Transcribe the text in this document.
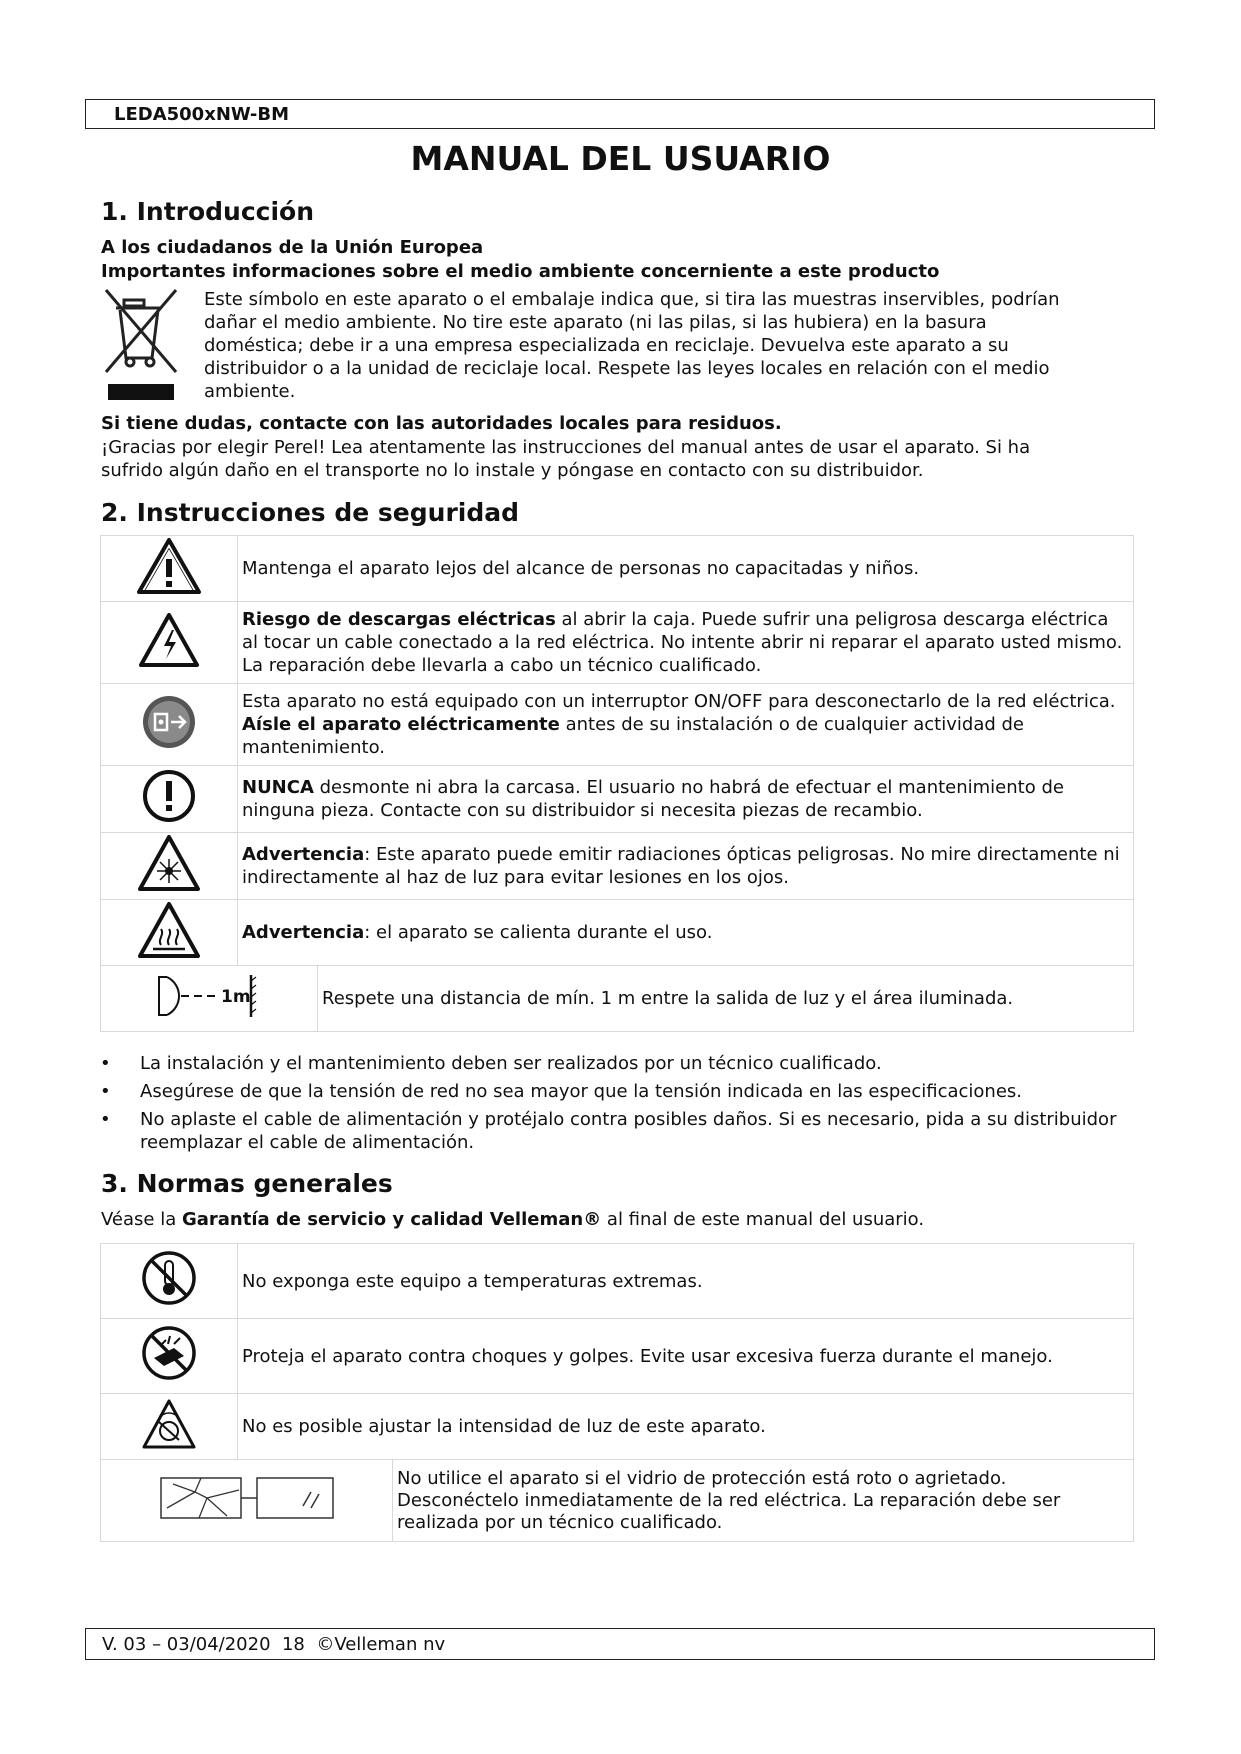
LEDA500xNW-BM
MANUAL DEL USUARIO
1. Introducción
A los ciudadanos de la Unión Europea
Importantes informaciones sobre el medio ambiente concerniente a este producto
Este símbolo en este aparato o el embalaje indica que, si tira las muestras inservibles, podrían
dañar el medio ambiente. No tire este aparato (ni las pilas, si las hubiera) en la basura
doméstica; debe ir a una empresa especializada en reciclaje. Devuelva este aparato a su
distribuidor o a la unidad de reciclaje local. Respete las leyes locales en relación con el medio
ambiente.
Si tiene dudas, contacte con las autoridades locales para residuos.
¡Gracias por elegir Perel! Lea atentamente las instrucciones del manual antes de usar el aparato. Si ha
sufrido algún daño en el transporte no lo instale y póngase en contacto con su distribuidor.
2. Instrucciones de seguridad
	Mantenga el aparato lejos del alcance de personas no capacitadas y niños.	
	Riesgo de descargas eléctricas al abrir la caja. Puede sufrir una peligrosa descarga eléctrica al tocar un cable conectado a la red eléctrica. No intente abrir ni reparar el aparato usted mismo. La reparación debe llevarla a cabo un técnico cualificado.	
	Esta aparato no está equipado con un interruptor ON/OFF para desconectarlo de la red eléctrica. Aísle el aparato eléctricamente antes de su instalación o de cualquier actividad de mantenimiento.	
	NUNCA desmonte ni abra la carcasa. El usuario no habrá de efectuar el mantenimiento de ninguna pieza. Contacte con su distribuidor si necesita piezas de recambio.	
	Advertencia: Este aparato puede emitir radiaciones ópticas peligrosas. No mire directamente ni indirectamente al haz de luz para evitar lesiones en los ojos.	
	Advertencia: el aparato se calienta durante el uso.	

1m		Respete una distancia de mín. 1 m entre la salida de luz y el área iluminada.
• La instalación y el mantenimiento deben ser realizados por un técnico cualificado.
• Asegúrese de que la tensión de red no sea mayor que la tensión indicada en las especificaciones.
• No aplaste el cable de alimentación y protéjalo contra posibles daños. Si es necesario, pida a su distribuidor reemplazar el cable de alimentación.
3. Normas generales
Véase la Garantía de servicio y calidad Velleman® al final de este manual del usuario.
	No exponga este equipo a temperaturas extremas.	
	Proteja el aparato contra choques y golpes. Evite usar excesiva fuerza durante el manejo.	
	No es posible ajustar la intensidad de luz de este aparato.	
	No utilice el aparato si el vidrio de protección está roto o agrietado. Desconéctelo inmediatamente de la red eléctrica. La reparación debe ser realizada por un técnico cualificado.
V. 03 – 03/04/2020  18  ©Velleman nv
